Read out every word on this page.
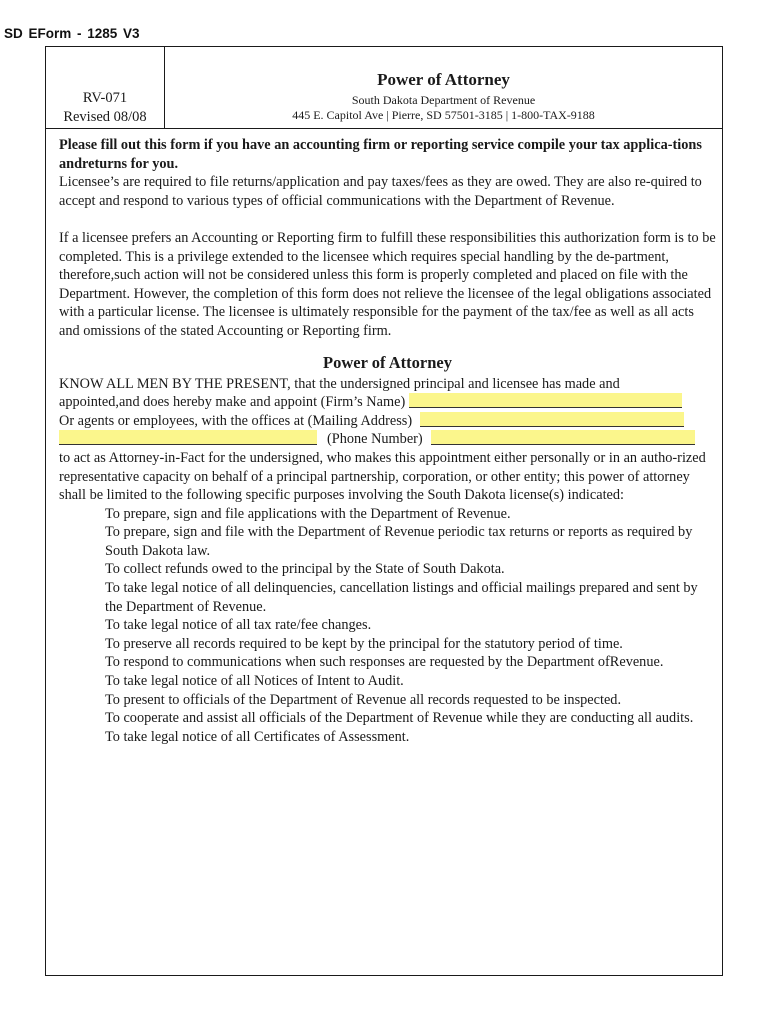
SD EForm - 1285 V3
RV-071
Revised 08/08
Power of Attorney
South Dakota Department of Revenue
445 E. Capitol Ave | Pierre, SD 57501-3185 | 1-800-TAX-9188

Please fill out this form if you have an accounting firm or reporting service compile your tax applica-tions andreturns for you.

Licensee’s are required to file returns/application and pay taxes/fees as they are owed. They are also re-quired to accept and respond to various types of official communications with the Department of Revenue.

If a licensee prefers an Accounting or Reporting firm to fulfill these responsibilities this authorization form is to be completed. This is a privilege extended to the licensee which requires special handling by the de-partment, therefore,such action will not be considered unless this form is properly completed and placed on file with the Department. However, the completion of this form does not relieve the licensee of the legal obligations associated with a particular license. The licensee is ultimately responsible for the payment of the tax/fee as well as all acts and omissions of the stated Accounting or Reporting firm.

Power of Attorney

KNOW ALL MEN BY THE PRESENT, that the undersigned principal and licensee has made and

appointed,and does hereby make and appoint (Firm’s Name)
Or agents or employees, with the offices at (Mailing Address)
(Phone Number)

to act as Attorney-in-Fact for the undersigned, who makes this appointment either personally or in an autho-rized representative capacity on behalf of a principal partnership, corporation, or other entity; this power of attorney shall be limited to the following specific purposes involving the South Dakota license(s) indicated:

To prepare, sign and file applications with the Department of Revenue.
To prepare, sign and file with the Department of Revenue periodic tax returns or reports as required by South Dakota law.
To collect refunds owed to the principal by the State of South Dakota.
To take legal notice of all delinquencies, cancellation listings and official mailings prepared and sent by the Department of Revenue.
To take legal notice of all tax rate/fee changes.
To preserve all records required to be kept by the principal for the statutory period of time.
To respond to communications when such responses are requested by the Department ofRevenue.
To take legal notice of all Notices of Intent to Audit.
To present to officials of the Department of Revenue all records requested to be inspected.
To cooperate and assist all officials of the Department of Revenue while they are conducting all audits.
To take legal notice of all Certificates of Assessment.
